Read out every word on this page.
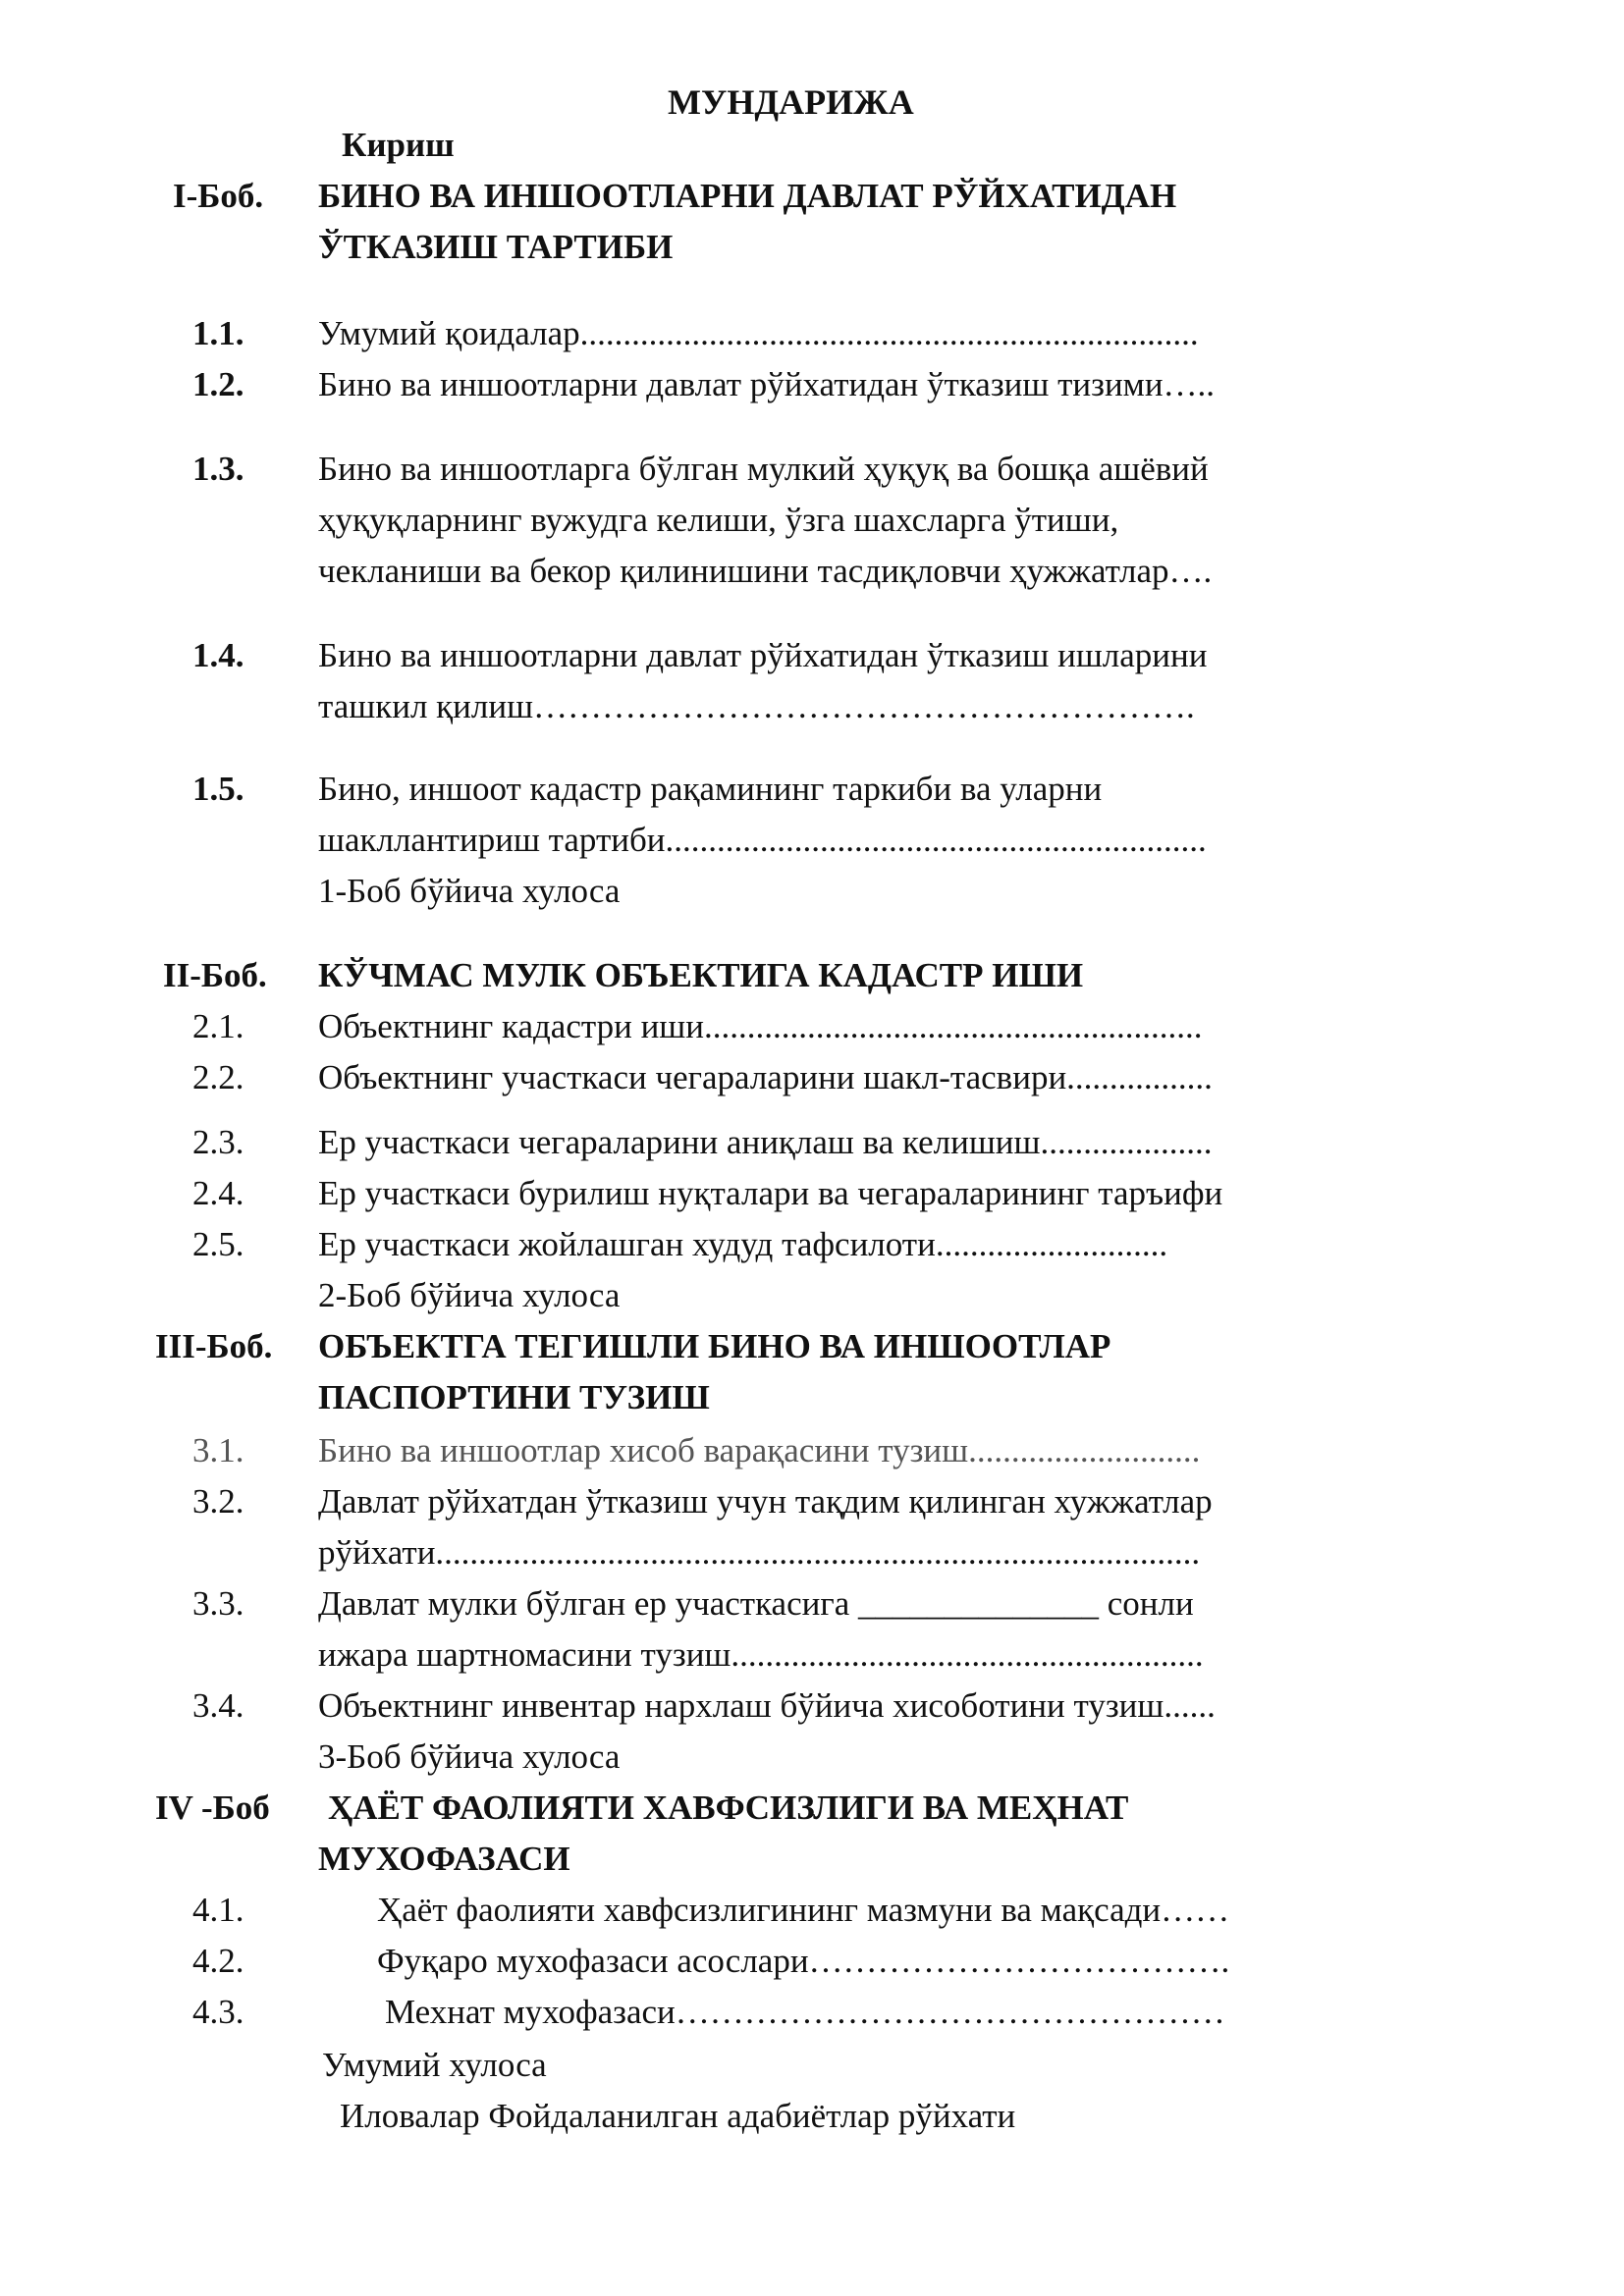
МУНДАРИЖА
Кириш
I-Боб. БИНО ВА ИНШООТЛАРНИ ДАВЛАТ РЎЙХАТИДАН
ЎТКАЗИШ ТАРТИБИ
1.1. Умумий қоидалар........................................................................
1.2. Бино ва иншоотларни давлат рўйхатидан ўтказиш тизими…..
1.3. Бино ва иншоотларга бўлган мулкий ҳуқуқ ва бошқа ашёвий
ҳуқуқларнинг вужудга келиши, ўзга шахсларга ўтиши,
чекланиши ва бекор қилинишини тасдиқловчи ҳужжатлар….
1.4. Бино ва иншоотларни давлат рўйхатидан ўтказиш ишларини
ташкил қилиш………………………………………………….
1.5. Бино, иншоот кадастр рақамининг таркиби ва уларни
шакллантириш тартиби...............................................................
1-Боб бўйича хулоса
II-Боб. КЎЧМАС МУЛК ОБЪЕКТИГА КАДАСТР ИШИ
2.1. Объектнинг кадастри иши..........................................................
2.2. Объектнинг участкаси чегараларини шакл-тасвири.................
2.3. Ер участкаси чегараларини аниқлаш ва келишиш....................
2.4. Ер участкаси бурилиш нуқталари ва чегараларининг таръифи
2.5. Ер участкаси жойлашган худуд тафсилоти...........................
2-Боб бўйича хулоса
III-Боб. ОБЪЕКТГА ТЕГИШЛИ БИНО ВА ИНШООТЛАР
ПАСПОРТИНИ ТУЗИШ
3.1. Бино ва иншоотлар хисоб варақасини тузиш...........................
3.2. Давлат рўйхатдан ўтказиш учун тақдим қилинган хужжатлар
рўйхати.........................................................................................
3.3. Давлат мулки бўлган ер участкасига ______________ сонли
ижара шартномасини тузиш.......................................................
3.4. Объектнинг инвентар нархлаш бўйича хисоботини тузиш......
3-Боб бўйича хулоса
IV -Боб ҲАЁТ ФАОЛИЯТИ ХАВФСИЗЛИГИ ВА МЕҲНАТ
МУХОФАЗАСИ
4.1.	Ҳаёт фаолияти хавфсизлигининг мазмуни ва мақсади……
4.2.	Фуқаро мухофазаси асослари……………………………….
4.3.	Мехнат мухофазаси…………………………………………
Умумий хулоса
Иловалар Фойдаланилган адабиётлар рўйхати
